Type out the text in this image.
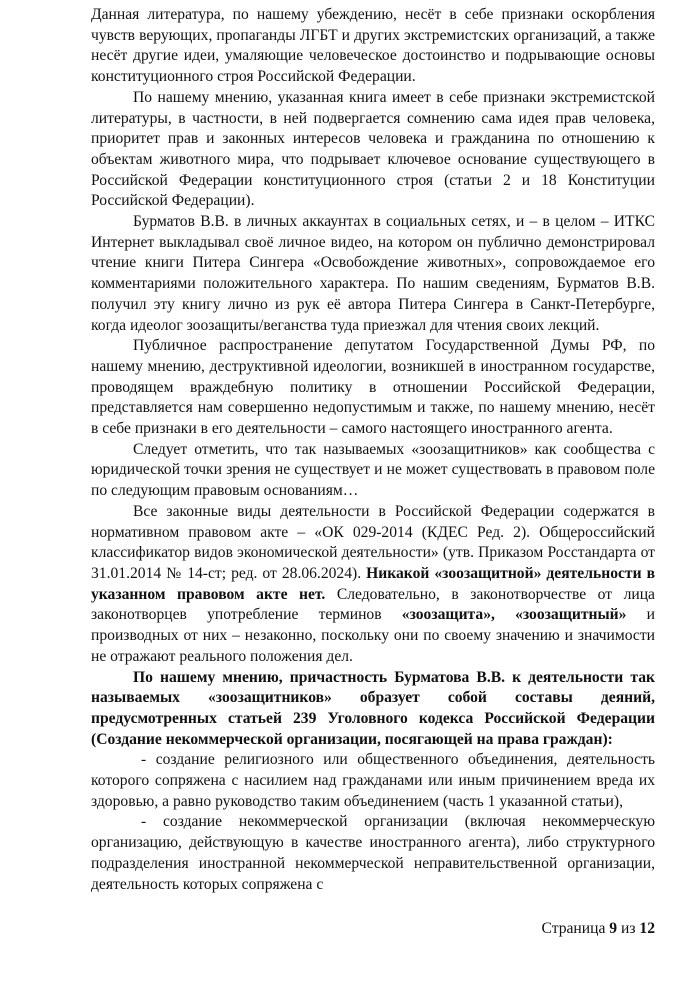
Данная литература, по нашему убеждению, несёт в себе признаки оскорбления чувств верующих, пропаганды ЛГБТ и других экстремистских организаций, а также несёт другие идеи, умаляющие человеческое достоинство и подрывающие основы конституционного строя Российской Федерации.

По нашему мнению, указанная книга имеет в себе признаки экстремистской литературы, в частности, в ней подвергается сомнению сама идея прав человека, приоритет прав и законных интересов человека и гражданина по отношению к объектам животного мира, что подрывает ключевое основание существующего в Российской Федерации конституционного строя (статьи 2 и 18 Конституции Российской Федерации).

Бурматов В.В. в личных аккаунтах в социальных сетях, и – в целом – ИТКС Интернет выкладывал своё личное видео, на котором он публично демонстрировал чтение книги Питера Сингера «Освобождение животных», сопровождаемое его комментариями положительного характера. По нашим сведениям, Бурматов В.В. получил эту книгу лично из рук её автора Питера Сингера в Санкт-Петербурге, когда идеолог зоозащиты/веганства туда приезжал для чтения своих лекций.

Публичное распространение депутатом Государственной Думы РФ, по нашему мнению, деструктивной идеологии, возникшей в иностранном государстве, проводящем враждебную политику в отношении Российской Федерации, представляется нам совершенно недопустимым и также, по нашему мнению, несёт в себе признаки в его деятельности – самого настоящего иностранного агента.

Следует отметить, что так называемых «зоозащитников» как сообщества с юридической точки зрения не существует и не может существовать в правовом поле по следующим правовым основаниям…

Все законные виды деятельности в Российской Федерации содержатся в нормативном правовом акте – «ОК 029-2014 (КДЕС Ред. 2). Общероссийский классификатор видов экономической деятельности» (утв. Приказом Росстандарта от 31.01.2014 № 14-ст; ред. от 28.06.2024). Никакой «зоозащитной» деятельности в указанном правовом акте нет. Следовательно, в законотворчестве от лица законотворцев употребление терминов «зоозащита», «зоозащитный» и производных от них – незаконно, поскольку они по своему значению и значимости не отражают реального положения дел.

По нашему мнению, причастность Бурматова В.В. к деятельности так называемых «зоозащитников» образует собой составы деяний, предусмотренных статьей 239 Уголовного кодекса Российской Федерации (Создание некоммерческой организации, посягающей на права граждан):

- создание религиозного или общественного объединения, деятельность которого сопряжена с насилием над гражданами или иным причинением вреда их здоровью, а равно руководство таким объединением (часть 1 указанной статьи),

- создание некоммерческой организации (включая некоммерческую организацию, действующую в качестве иностранного агента), либо структурного подразделения иностранной некоммерческой неправительственной организации, деятельность которых сопряжена с

Страница 9 из 12
